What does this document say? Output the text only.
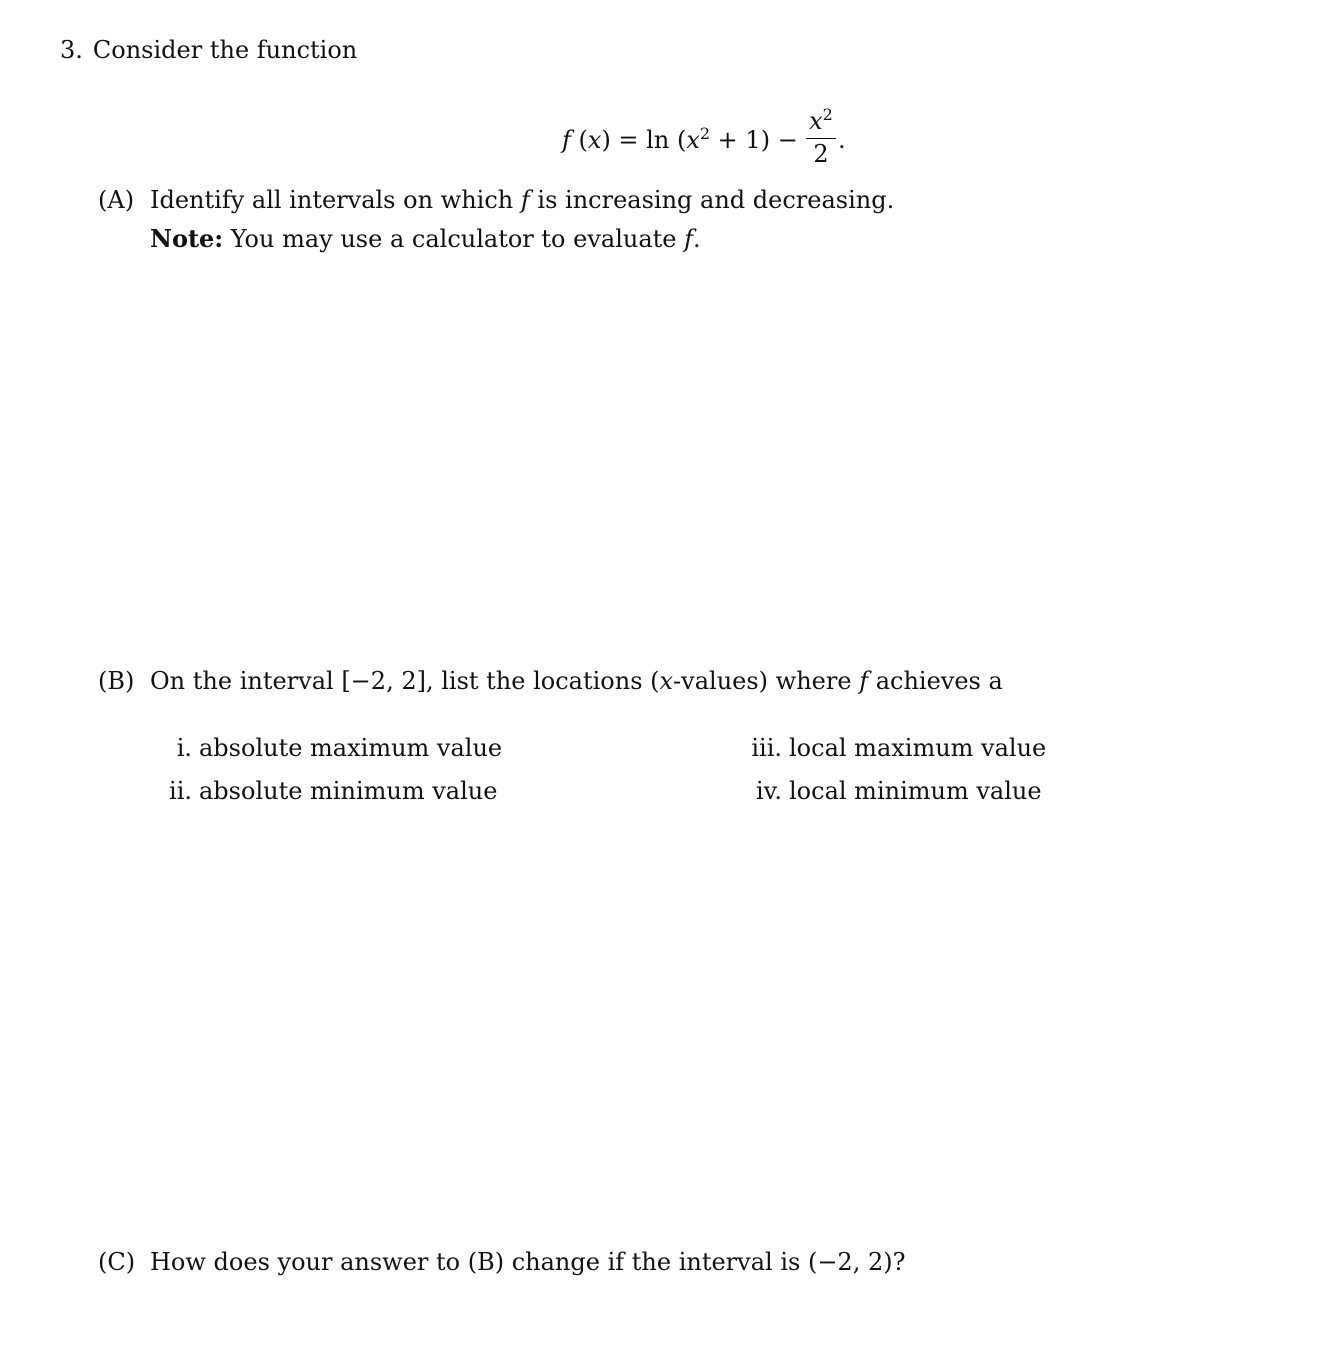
3. Consider the function
f $(x) = \ln (x^2 + 1)$ −
$x^2$
2 .
(A) Identify all intervals on which f is increasing and decreasing.
Note: You may use a calculator to evaluate f.
(B) On the interval [−2, 2], list the locations (x-values) where f achieves a
i. absolute maximum value
ii. absolute minimum value
iii. local maximum value
iv. local minimum value
(C) How does your answer to (B) change if the interval is (−2, 2)?
